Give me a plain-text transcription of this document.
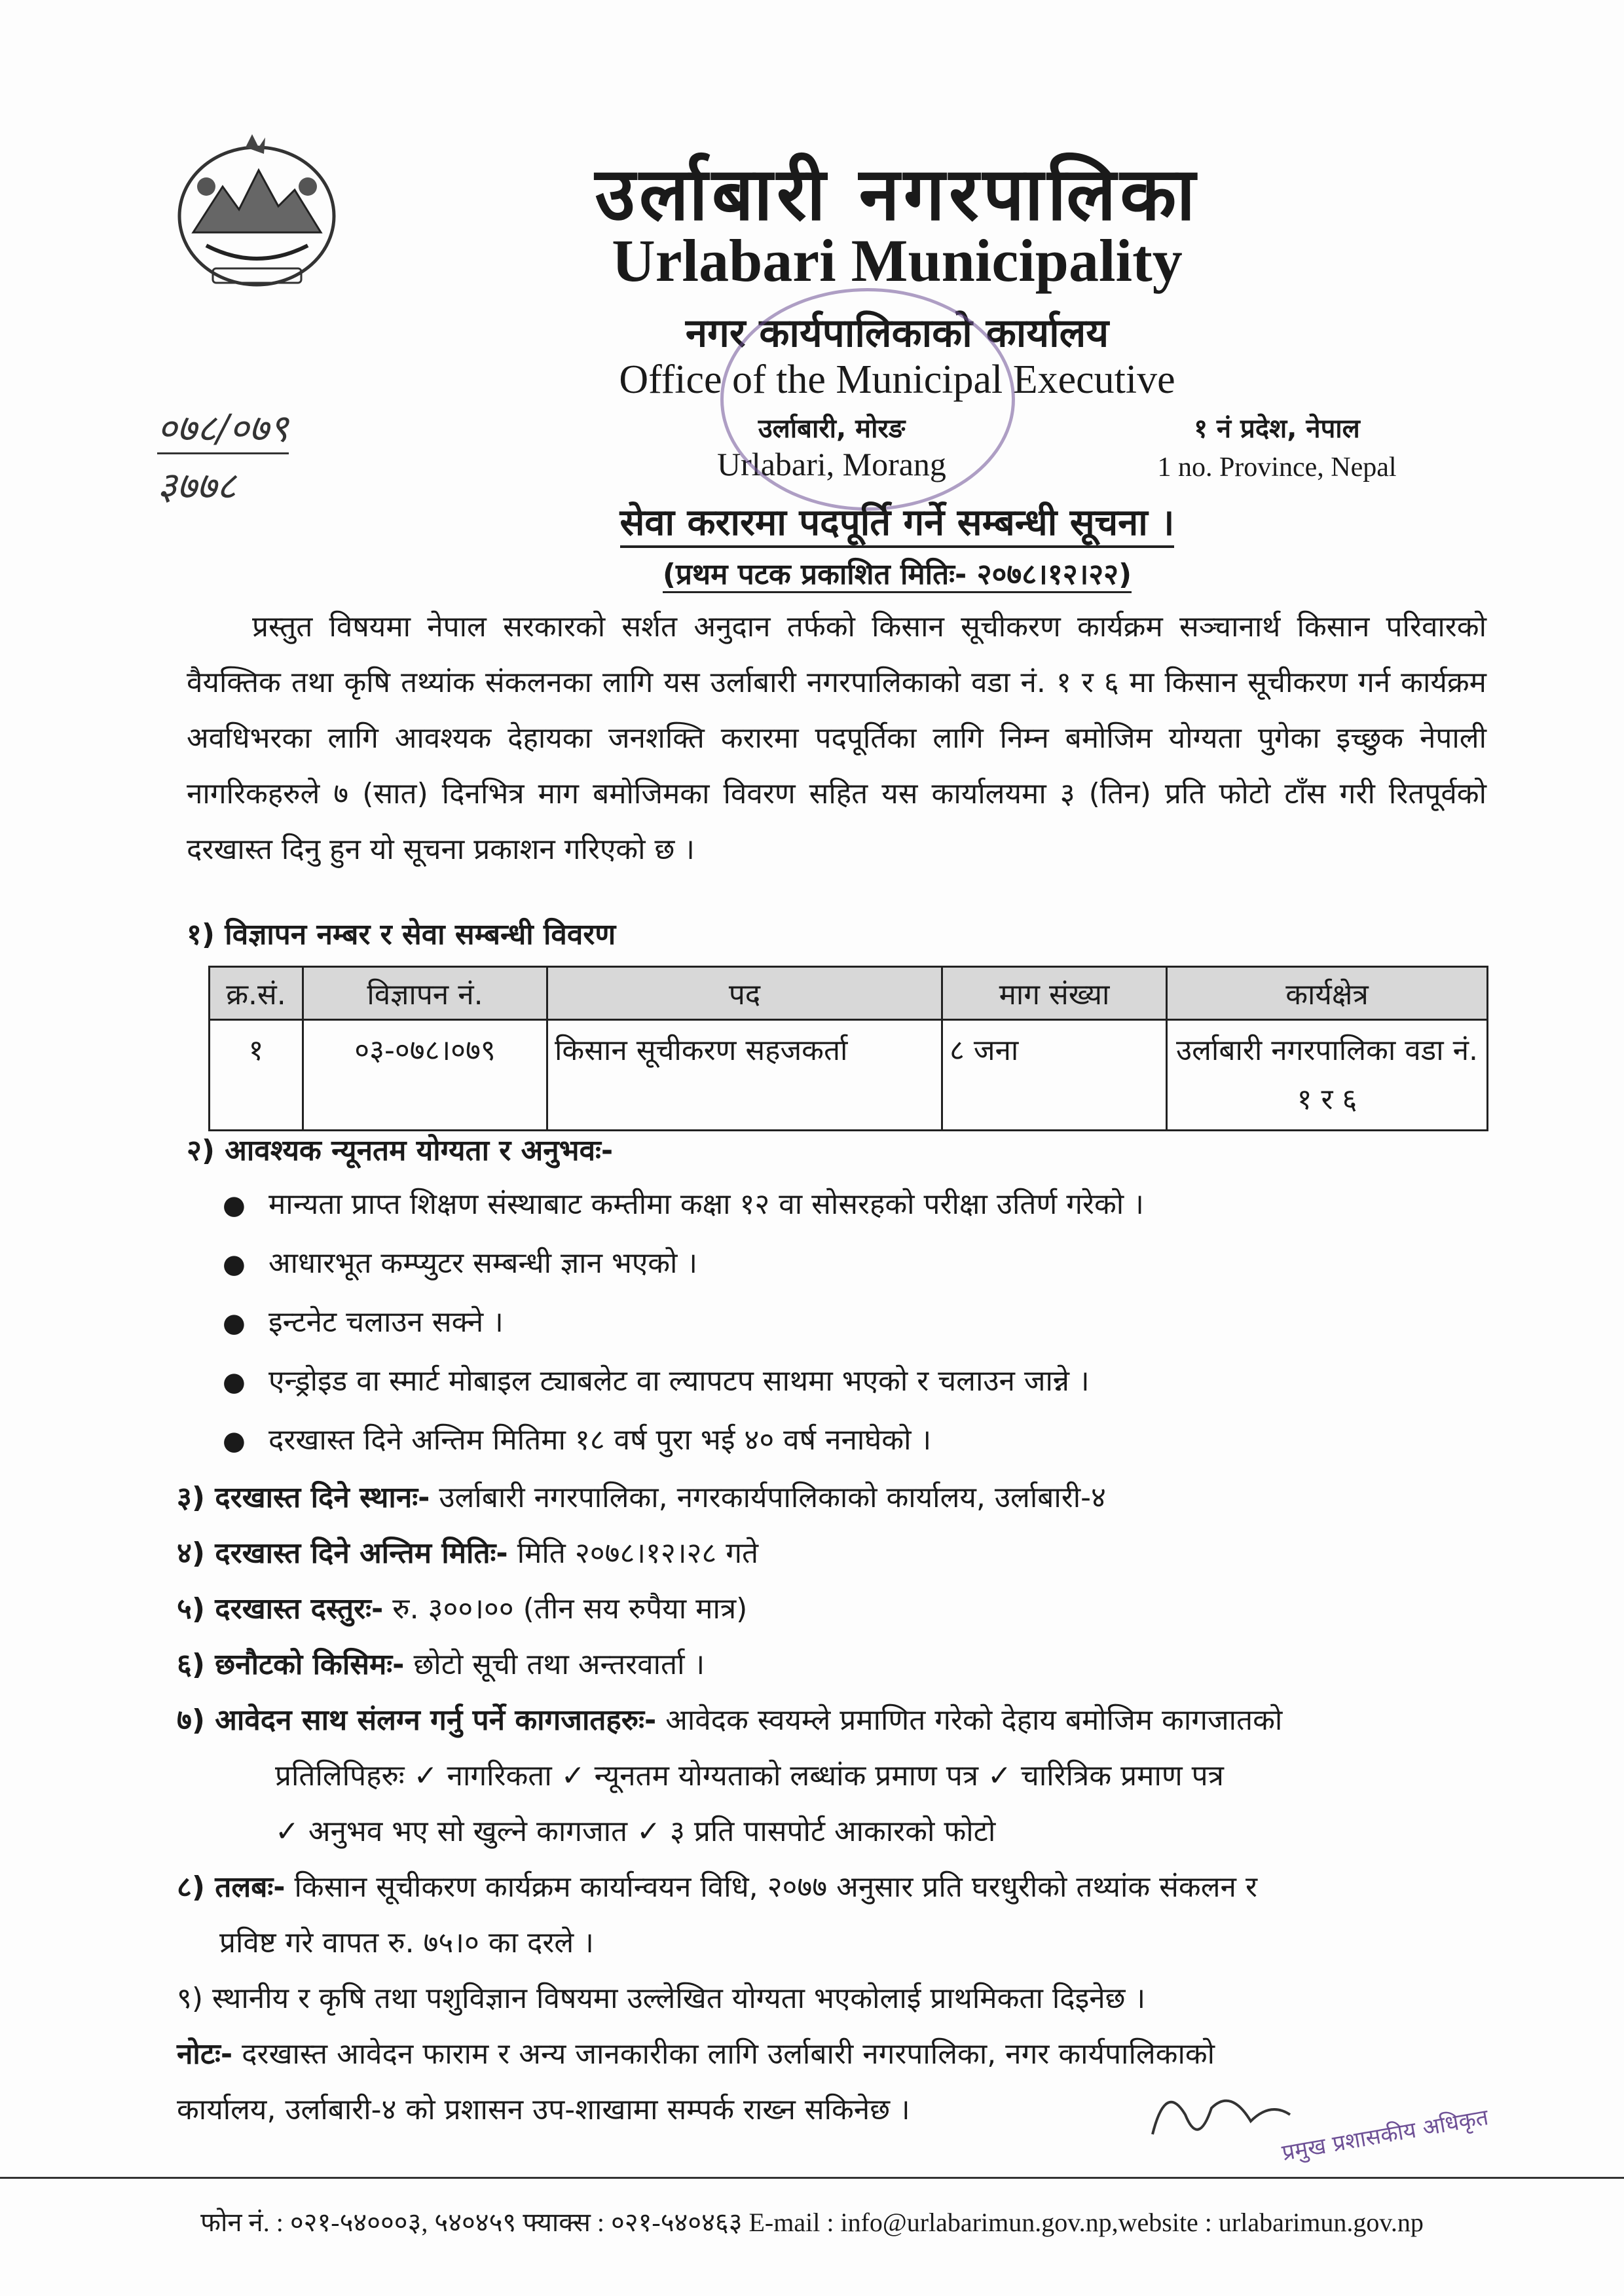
उर्लाबारी नगरपालिका
Urlabari Municipality
नगर कार्यपालिकाको कार्यालय
Office of the Municipal Executive
उर्लाबारी, मोरङ
Urlabari, Morang
१ नं प्रदेश, नेपाल
1 no. Province, Nepal
०७८/०७९
३७७८
सेवा करारमा पदपूर्ति गर्ने सम्बन्धी सूचना ।
(प्रथम पटक प्रकाशित मितिः- २०७८।१२।२२)
प्रस्तुत विषयमा नेपाल सरकारको सर्शत अनुदान तर्फको किसान सूचीकरण कार्यक्रम सञ्चानार्थ किसान परिवारको वैयक्तिक तथा कृषि तथ्यांक संकलनका लागि यस उर्लाबारी नगरपालिकाको वडा नं. १ र ६ मा किसान सूचीकरण गर्न कार्यक्रम अवधिभरका लागि आवश्यक देहायका जनशक्ति करारमा पदपूर्तिका लागि निम्न बमोजिम योग्यता पुगेका इच्छुक नेपाली नागरिकहरुले ७ (सात) दिनभित्र माग बमोजिमका विवरण सहित यस कार्यालयमा ३ (तिन) प्रति फोटो टाँस गरी रितपूर्वको दरखास्त दिनु हुन यो सूचना प्रकाशन गरिएको छ ।
१) विज्ञापन नम्बर र सेवा सम्बन्धी विवरण
क्र.सं.	विज्ञापन नं.	पद	माग संख्या	कार्यक्षेत्र
१	०३-०७८।०७९	किसान सूचीकरण सहजकर्ता	८ जना	उर्लाबारी नगरपालिका वडा नं. १ र ६
२) आवश्यक न्यूनतम योग्यता र अनुभवः-
● मान्यता प्राप्त शिक्षण संस्थाबाट कम्तीमा कक्षा १२ वा सोसरहको परीक्षा उतिर्ण गरेको ।
● आधारभूत कम्प्युटर सम्बन्धी ज्ञान भएको ।
● इन्टनेट चलाउन सक्ने ।
● एन्ड्रोइड वा स्मार्ट मोबाइल ट्याबलेट वा ल्यापटप साथमा भएको र चलाउन जान्ने ।
● दरखास्त दिने अन्तिम मितिमा १८ वर्ष पुरा भई ४० वर्ष ननाघेको ।
३) दरखास्त दिने स्थानः- उर्लाबारी नगरपालिका, नगरकार्यपालिकाको कार्यालय, उर्लाबारी-४
४) दरखास्त दिने अन्तिम मितिः- मिति २०७८।१२।२८ गते
५) दरखास्त दस्तुरः- रु. ३००।०० (तीन सय रुपैया मात्र)
६) छनौटको किसिमः- छोटो सूची तथा अन्तरवार्ता ।
७) आवेदन साथ संलग्न गर्नु पर्ने कागजातहरुः- आवेदक स्वयम्ले प्रमाणित गरेको देहाय बमोजिम कागजातको
प्रतिलिपिहरुः ✓ नागरिकता ✓ न्यूनतम योग्यताको लब्धांक प्रमाण पत्र ✓ चारित्रिक प्रमाण पत्र
✓ अनुभव भए सो खुल्ने कागजात ✓ ३ प्रति पासपोर्ट आकारको फोटो
८) तलबः- किसान सूचीकरण कार्यक्रम कार्यान्वयन विधि, २०७७ अनुसार प्रति घरधुरीको तथ्यांक संकलन र
प्रविष्ट गरे वापत रु. ७५।० का दरले ।
९) स्थानीय र कृषि तथा पशुविज्ञान विषयमा उल्लेखित योग्यता भएकोलाई प्राथमिकता दिइनेछ ।
नोटः- दरखास्त आवेदन फाराम र अन्य जानकारीका लागि उर्लाबारी नगरपालिका, नगर कार्यपालिकाको
कार्यालय, उर्लाबारी-४ को प्रशासन उप-शाखामा सम्पर्क राख्न सकिनेछ ।	प्रमुख प्रशासकीय अधिकृत
फोन नं. : ०२१-५४०००३, ५४०४५९ फ्याक्स : ०२१-५४०४६३ E-mail : info@urlabarimun.gov.np,website : urlabarimun.gov.np
